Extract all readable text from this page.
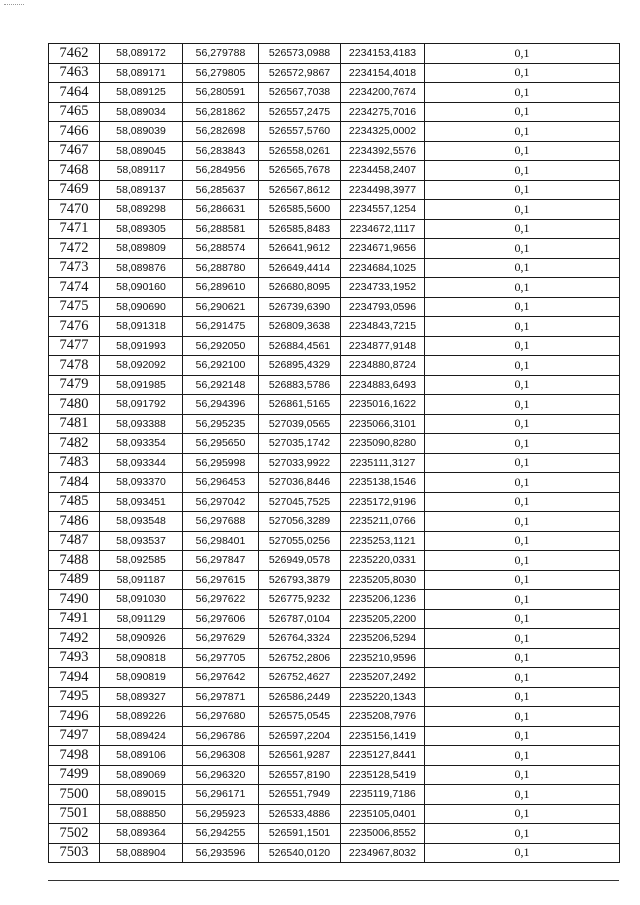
7462	58,089172	56,279788	526573,0988	2234153,4183	0,1
7463	58,089171	56,279805	526572,9867	2234154,4018	0,1
7464	58,089125	56,280591	526567,7038	2234200,7674	0,1
7465	58,089034	56,281862	526557,2475	2234275,7016	0,1
7466	58,089039	56,282698	526557,5760	2234325,0002	0,1
7467	58,089045	56,283843	526558,0261	2234392,5576	0,1
7468	58,089117	56,284956	526565,7678	2234458,2407	0,1
7469	58,089137	56,285637	526567,8612	2234498,3977	0,1
7470	58,089298	56,286631	526585,5600	2234557,1254	0,1
7471	58,089305	56,288581	526585,8483	2234672,1117	0,1
7472	58,089809	56,288574	526641,9612	2234671,9656	0,1
7473	58,089876	56,288780	526649,4414	2234684,1025	0,1
7474	58,090160	56,289610	526680,8095	2234733,1952	0,1
7475	58,090690	56,290621	526739,6390	2234793,0596	0,1
7476	58,091318	56,291475	526809,3638	2234843,7215	0,1
7477	58,091993	56,292050	526884,4561	2234877,9148	0,1
7478	58,092092	56,292100	526895,4329	2234880,8724	0,1
7479	58,091985	56,292148	526883,5786	2234883,6493	0,1
7480	58,091792	56,294396	526861,5165	2235016,1622	0,1
7481	58,093388	56,295235	527039,0565	2235066,3101	0,1
7482	58,093354	56,295650	527035,1742	2235090,8280	0,1
7483	58,093344	56,295998	527033,9922	2235111,3127	0,1
7484	58,093370	56,296453	527036,8446	2235138,1546	0,1
7485	58,093451	56,297042	527045,7525	2235172,9196	0,1
7486	58,093548	56,297688	527056,3289	2235211,0766	0,1
7487	58,093537	56,298401	527055,0256	2235253,1121	0,1
7488	58,092585	56,297847	526949,0578	2235220,0331	0,1
7489	58,091187	56,297615	526793,3879	2235205,8030	0,1
7490	58,091030	56,297622	526775,9232	2235206,1236	0,1
7491	58,091129	56,297606	526787,0104	2235205,2200	0,1
7492	58,090926	56,297629	526764,3324	2235206,5294	0,1
7493	58,090818	56,297705	526752,2806	2235210,9596	0,1
7494	58,090819	56,297642	526752,4627	2235207,2492	0,1
7495	58,089327	56,297871	526586,2449	2235220,1343	0,1
7496	58,089226	56,297680	526575,0545	2235208,7976	0,1
7497	58,089424	56,296786	526597,2204	2235156,1419	0,1
7498	58,089106	56,296308	526561,9287	2235127,8441	0,1
7499	58,089069	56,296320	526557,8190	2235128,5419	0,1
7500	58,089015	56,296171	526551,7949	2235119,7186	0,1
7501	58,088850	56,295923	526533,4886	2235105,0401	0,1
7502	58,089364	56,294255	526591,1501	2235006,8552	0,1
7503	58,088904	56,293596	526540,0120	2234967,8032	0,1
